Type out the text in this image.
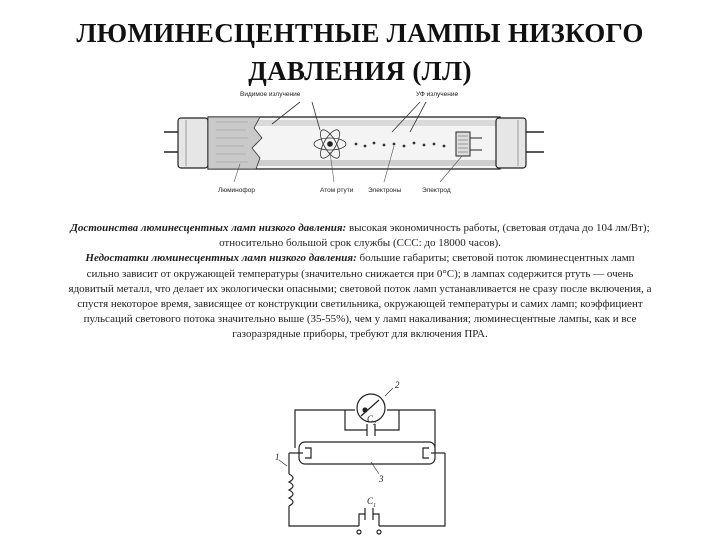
ЛЮМИНЕСЦЕНТНЫЕ ЛАМПЫ НИЗКОГО
ДАВЛЕНИЯ (ЛЛ)
Видимое излучение	УФ излучение
Люминофор	Атом ртути Электроны	Электрод
Достоинства люминесцентных ламп низкого давления: высокая экономичность работы, (световая отдача до 104 лм/Вт); относительно большой срок службы (ССС: до 18000 часов).
Недостатки люминесцентных ламп низкого давления: большие габариты; световой поток люминесцентных ламп сильно зависит от окружающей температуры (значительно снижается при 0°С); в лампах содержится ртуть — очень ядовитый металл, что делает их экологически опасными; световой поток ламп устанавливается не сразу после включения, а спустя некоторое время, зависящее от конструкции светильника, окружающей температуры и самих ламп; коэффициент пульсаций светового потока значительно выше (35-55%), чем у ламп накаливания; люминесцентные лампы, как и все газоразрядные приборы, требуют для включения ПРА.
1
2
3
$C_2$
$C_1$
